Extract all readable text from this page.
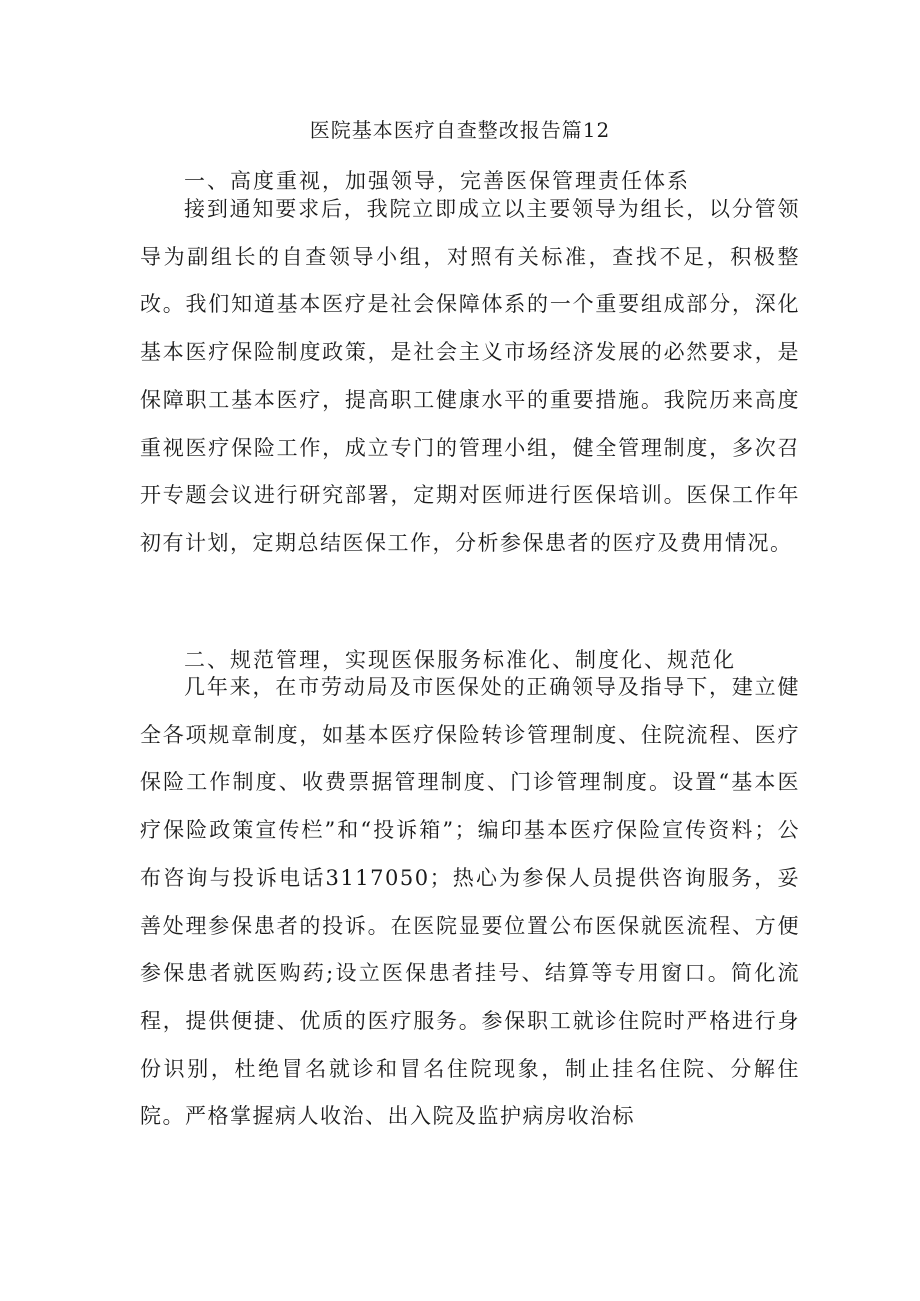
医院基本医疗自查整改报告篇12
一、高度重视，加强领导，完善医保管理责任体系

接到通知要求后，我院立即成立以主要领导为组长，以分管领导为副组长的自查领导小组，对照有关标准，查找不足，积极整改。我们知道基本医疗是社会保障体系的一个重要组成部分，深化基本医疗保险制度政策，是社会主义市场经济发展的必然要求，是保障职工基本医疗，提高职工健康水平的重要措施。我院历来高度重视医疗保险工作，成立专门的管理小组，健全管理制度，多次召开专题会议进行研究部署，定期对医师进行医保培训。医保工作年初有计划，定期总结医保工作，分析参保患者的医疗及费用情况。

二、规范管理，实现医保服务标准化、制度化、规范化

几年来，在市劳动局及市医保处的正确领导及指导下，建立健全各项规章制度，如基本医疗保险转诊管理制度、住院流程、医疗保险工作制度、收费票据管理制度、门诊管理制度。设置“基本医疗保险政策宣传栏”和“投诉箱”；编印基本医疗保险宣传资料；公布咨询与投诉电话3117050；热心为参保人员提供咨询服务，妥善处理参保患者的投诉。在医院显要位置公布医保就医流程、方便参保患者就医购药;设立医保患者挂号、结算等专用窗口。简化流程，提供便捷、优质的医疗服务。参保职工就诊住院时严格进行身份识别，杜绝冒名就诊和冒名住院现象，制止挂名住院、分解住院。严格掌握病人收治、出入院及监护病房收治标
